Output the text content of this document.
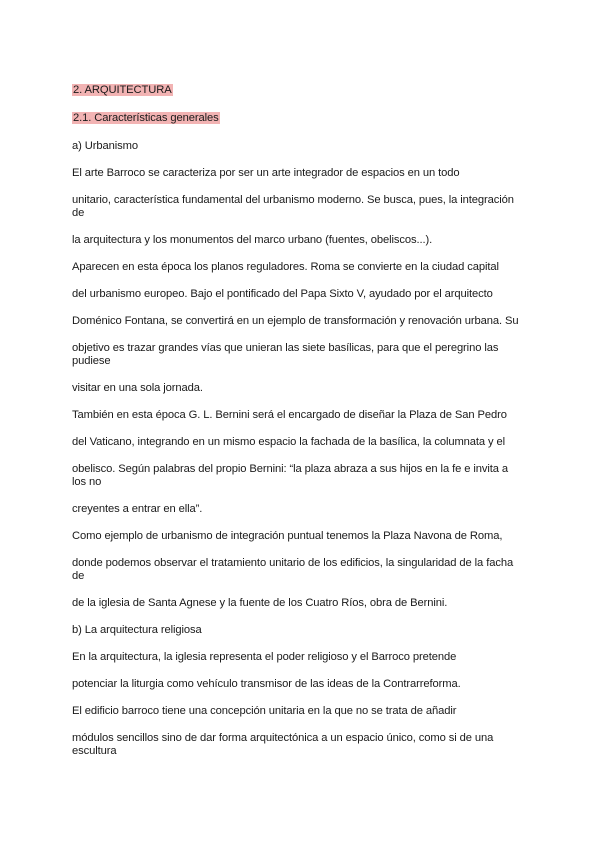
2. ARQUITECTURA
2.1. Características generales
a) Urbanismo
El arte Barroco se caracteriza por ser un arte integrador de espacios en un todo
unitario, característica fundamental del urbanismo moderno. Se busca, pues, la integración
de
la arquitectura y los monumentos del marco urbano (fuentes, obeliscos...).
Aparecen en esta época los planos reguladores. Roma se convierte en la ciudad capital
del urbanismo europeo. Bajo el pontificado del Papa Sixto V, ayudado por el arquitecto
Doménico Fontana, se convertirá en un ejemplo de transformación y renovación urbana. Su
objetivo es trazar grandes vías que unieran las siete basílicas, para que el peregrino las
pudiese
visitar en una sola jornada.
También en esta época G. L. Bernini será el encargado de diseñar la Plaza de San Pedro
del Vaticano, integrando en un mismo espacio la fachada de la basílica, la columnata y el
obelisco. Según palabras del propio Bernini: “la plaza abraza a sus hijos en la fe e invita a
los no
creyentes a entrar en ella”.
Como ejemplo de urbanismo de integración puntual tenemos la Plaza Navona de Roma,
donde podemos observar el tratamiento unitario de los edificios, la singularidad de la facha
de
de la iglesia de Santa Agnese y la fuente de los Cuatro Ríos, obra de Bernini.
b) La arquitectura religiosa
En la arquitectura, la iglesia representa el poder religioso y el Barroco pretende
potenciar la liturgia como vehículo transmisor de las ideas de la Contrarreforma.
El edificio barroco tiene una concepción unitaria en la que no se trata de añadir
módulos sencillos sino de dar forma arquitectónica a un espacio único, como si de una
escultura
